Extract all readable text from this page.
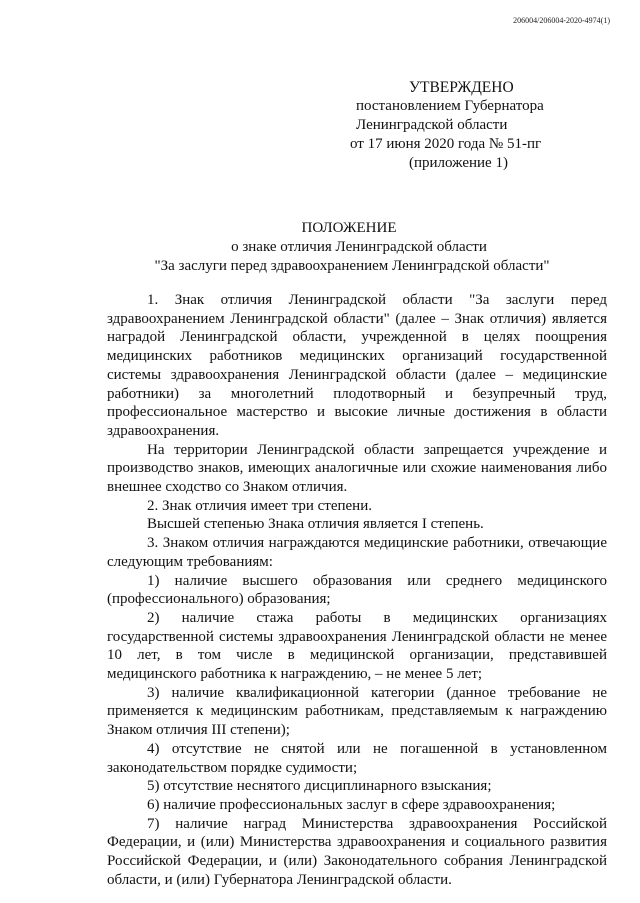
206004/206004-2020-4974(1)
УТВЕРЖДЕНО
постановлением Губернатора
Ленинградской области
от 17 июня 2020 года № 51-пг
(приложение 1)
ПОЛОЖЕНИЕ
о знаке отличия Ленинградской области
"За заслуги перед здравоохранением Ленинградской области"

1. Знак отличия Ленинградской области "За заслуги перед здравоохранением Ленинградской области" (далее – Знак отличия) является наградой Ленинградской области, учрежденной в целях поощрения медицинских работников медицинских организаций государственной системы здравоохранения Ленинградской области (далее – медицинские работники) за многолетний плодотворный и безупречный труд, профессиональное мастерство и высокие личные достижения в области здравоохранения.

На территории Ленинградской области запрещается учреждение и производство знаков, имеющих аналогичные или схожие наименования либо внешнее сходство со Знаком отличия.

2. Знак отличия имеет три степени.

Высшей степенью Знака отличия является I степень.

3. Знаком отличия награждаются медицинские работники, отвечающие следующим требованиям:

1) наличие высшего образования или среднего медицинского (профессионального) образования;

2) наличие стажа работы в медицинских организациях государственной системы здравоохранения Ленинградской области не менее 10 лет, в том числе в медицинской организации, представившей медицинского работника к награждению, – не менее 5 лет;

3) наличие квалификационной категории (данное требование не применяется к медицинским работникам, представляемым к награждению Знаком отличия III степени);

4) отсутствие не снятой или не погашенной в установленном законодательством порядке судимости;

5) отсутствие неснятого дисциплинарного взыскания;

6) наличие профессиональных заслуг в сфере здравоохранения;

7) наличие наград Министерства здравоохранения Российской Федерации, и (или) Министерства здравоохранения и социального развития Российской Федерации, и (или) Законодательного собрания Ленинградской области, и (или) Губернатора Ленинградской области.
